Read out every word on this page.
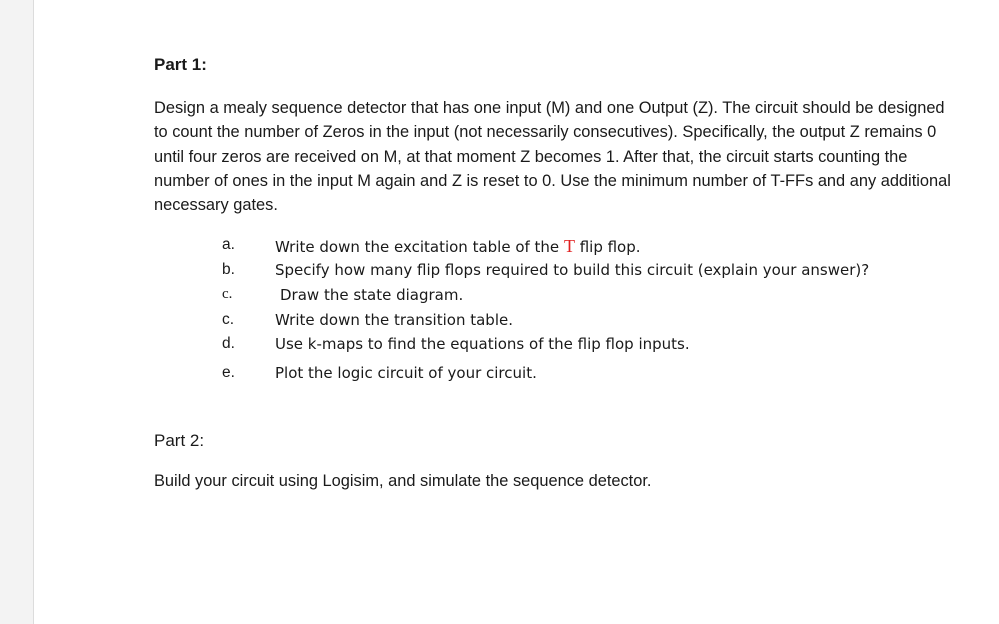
Part 1:

Design a mealy sequence detector that has one input (M) and one Output (Z). The circuit should be designed to count the number of Zeros in the input (not necessarily consecutives). Specifically, the output Z remains 0 until four zeros are received on M, at that moment Z becomes 1. After that, the circuit starts counting the number of ones in the input M again and Z is reset to 0. Use the minimum number of T-FFs and any additional necessary gates.

a.	Write down the excitation table of the T flip flop.
b.	Specify how many flip flops required to build this circuit (explain your answer)?
c.	Draw the state diagram.
c.	Write down the transition table.
d.	Use k-maps to find the equations of the flip flop inputs.
e.	Plot the logic circuit of your circuit.
Part 2:

Build your circuit using Logisim, and simulate the sequence detector.
